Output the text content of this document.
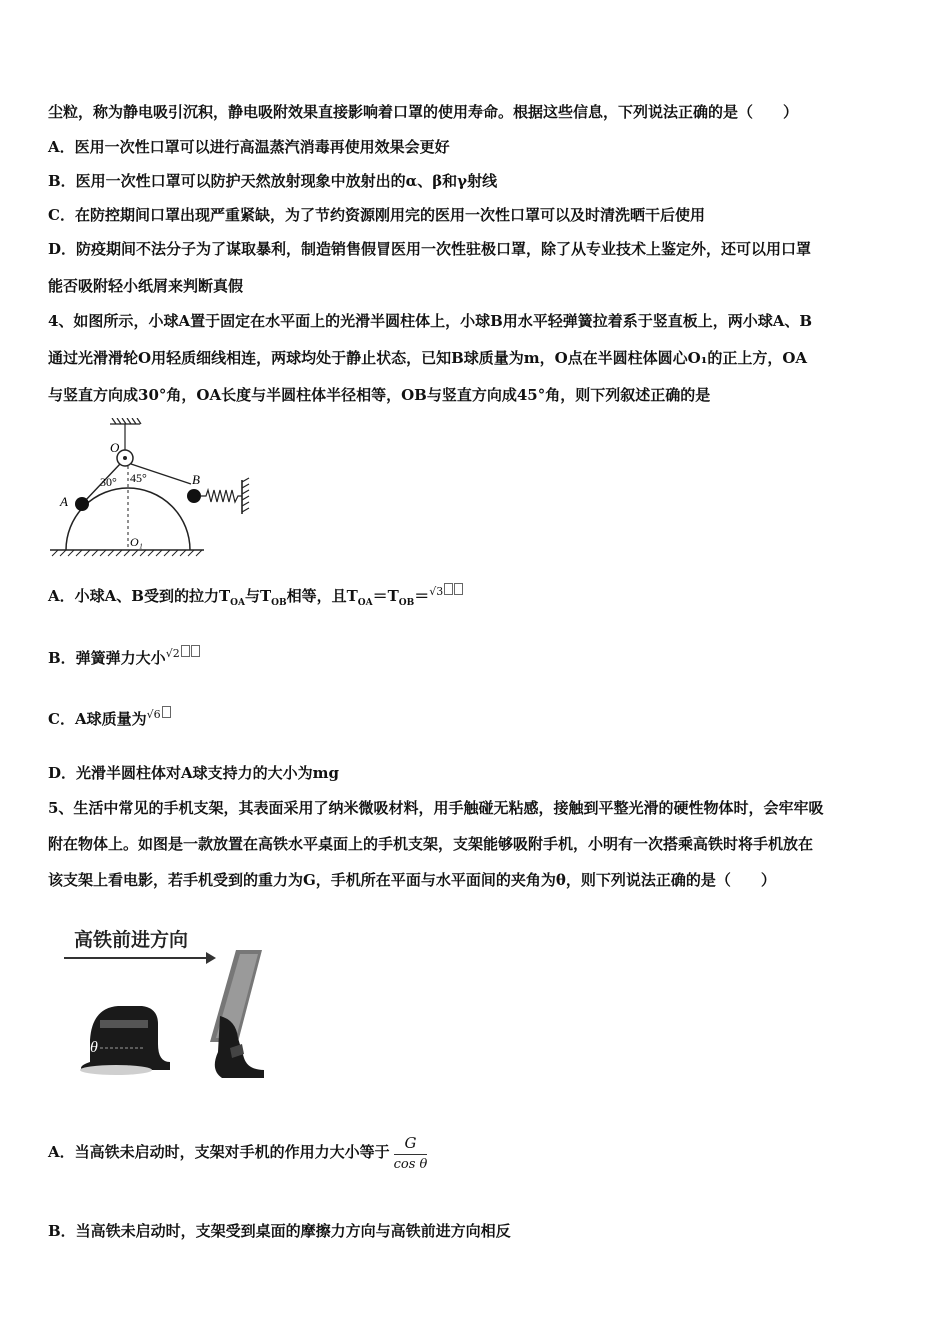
尘粒，称为静电吸引沉积，静电吸附效果直接影响着口罩的使用寿命。根据这些信息，下列说法正确的是（　　）
A．医用一次性口罩可以进行高温蒸汽消毒再使用效果会更好
B．医用一次性口罩可以防护天然放射现象中放射出的α、β和γ射线
C．在防控期间口罩出现严重紧缺，为了节约资源刚用完的医用一次性口罩可以及时清洗晒干后使用
D．防疫期间不法分子为了谋取暴利，制造销售假冒医用一次性驻极口罩，除了从专业技术上鉴定外，还可以用口罩
能否吸附轻小纸屑来判断真假
4、如图所示，小球A置于固定在水平面上的光滑半圆柱体上，小球B用水平轻弹簧拉着系于竖直板上，两小球A、B
通过光滑滑轮O用轻质细线相连，两球均处于静止状态，已知B球质量为m，O点在半圆柱体圆心O₁的正上方，OA
与竖直方向成30°角，OA长度与半圆柱体半径相等，OB与竖直方向成45°角，则下列叙述正确的是
O
O₁
30° 45°
A
B
A．小球A、B受到的拉力$T_{OA}$与$T_{OB}$相等，且$T_{OA}=T_{OB}=^{√3}$
B．弹簧弹力大小$^{√2}$
C．A球质量为$^{√6}$
D．光滑半圆柱体对A球支持力的大小为mg
5、生活中常见的手机支架，其表面采用了纳米微吸材料，用手触碰无粘感，接触到平整光滑的硬性物体时，会牢牢吸
附在物体上。如图是一款放置在高铁水平桌面上的手机支架，支架能够吸附手机，小明有一次搭乘高铁时将手机放在
该支架上看电影，若手机受到的重力为G，手机所在平面与水平面间的夹角为θ，则下列说法正确的是（　　）
高铁前进方向
θ
A．当高铁未启动时，支架对手机的作用力大小等于 $\frac{G}{\text{cos θ}}$
B．当高铁未启动时，支架受到桌面的摩擦力方向与高铁前进方向相反
